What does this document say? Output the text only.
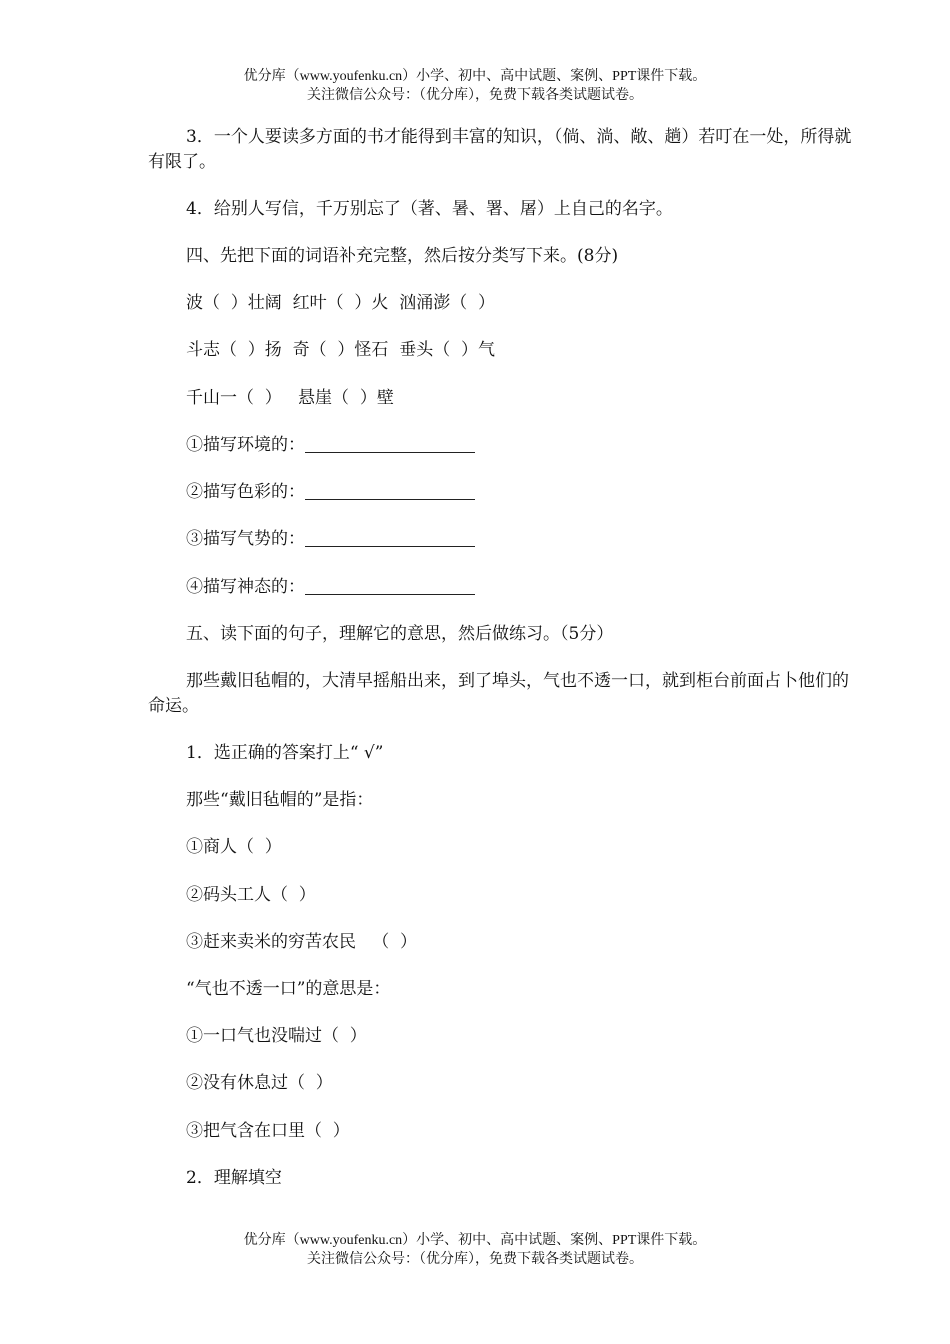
优分库（www.youfenku.cn）小学、初中、高中试题、案例、PPT课件下载。
关注微信公众号：（优分库），免费下载各类试题试卷。
3．一个人要读多方面的书才能得到丰富的知识，（倘、淌、敞、趟）若叮在一处，所得就有限了。
4．给别人写信，千万别忘了（著、暑、署、屠）上自己的名字。
四、先把下面的词语补充完整，然后按分类写下来。(8分)
波（  ）壮阔  红叶（  ）火  汹涌澎（  ）
斗志（  ）扬  奇（  ）怪石  垂头（  ）气
千山一（  ）   悬崖（  ）壁
①描写环境的：
②描写色彩的：
③描写气势的：
④描写神态的：
五、读下面的句子，理解它的意思，然后做练习。（5分）
那些戴旧毡帽的，大清早摇船出来，到了埠头，气也不透一口，就到柜台前面占卜他们的命运。
1．选正确的答案打上“ √”
那些“戴旧毡帽的”是指：
①商人（  ）
②码头工人（  ）
③赶来卖米的穷苦农民   （  ）
“气也不透一口”的意思是：
①一口气也没喘过（  ）
②没有休息过（  ）
③把气含在口里（  ）
2．理解填空
优分库（www.youfenku.cn）小学、初中、高中试题、案例、PPT课件下载。
关注微信公众号：（优分库），免费下载各类试题试卷。
